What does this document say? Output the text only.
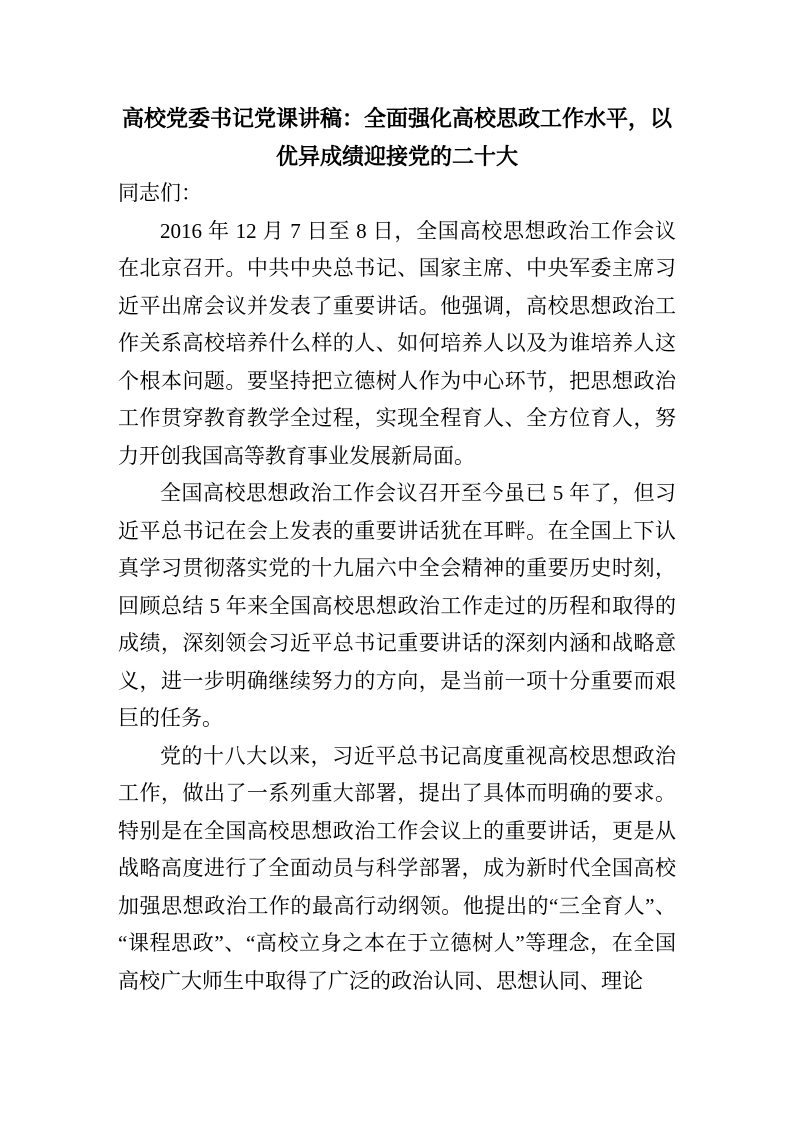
高校党委书记党课讲稿：全面强化高校思政工作水平，以优异成绩迎接党的二十大

同志们：

2016 年 12 月 7 日至 8 日，全国高校思想政治工作会议在北京召开。中共中央总书记、国家主席、中央军委主席习近平出席会议并发表了重要讲话。他强调，高校思想政治工作关系高校培养什么样的人、如何培养人以及为谁培养人这个根本问题。要坚持把立德树人作为中心环节，把思想政治工作贯穿教育教学全过程，实现全程育人、全方位育人，努力开创我国高等教育事业发展新局面。

全国高校思想政治工作会议召开至今虽已 5 年了，但习近平总书记在会上发表的重要讲话犹在耳畔。在全国上下认真学习贯彻落实党的十九届六中全会精神的重要历史时刻，回顾总结 5 年来全国高校思想政治工作走过的历程和取得的成绩，深刻领会习近平总书记重要讲话的深刻内涵和战略意义，进一步明确继续努力的方向，是当前一项十分重要而艰巨的任务。

党的十八大以来，习近平总书记高度重视高校思想政治工作，做出了一系列重大部署，提出了具体而明确的要求。特别是在全国高校思想政治工作会议上的重要讲话，更是从战略高度进行了全面动员与科学部署，成为新时代全国高校加强思想政治工作的最高行动纲领。他提出的“三全育人”、“课程思政”、“高校立身之本在于立德树人”等理念，在全国高校广大师生中取得了广泛的政治认同、思想认同、理论
